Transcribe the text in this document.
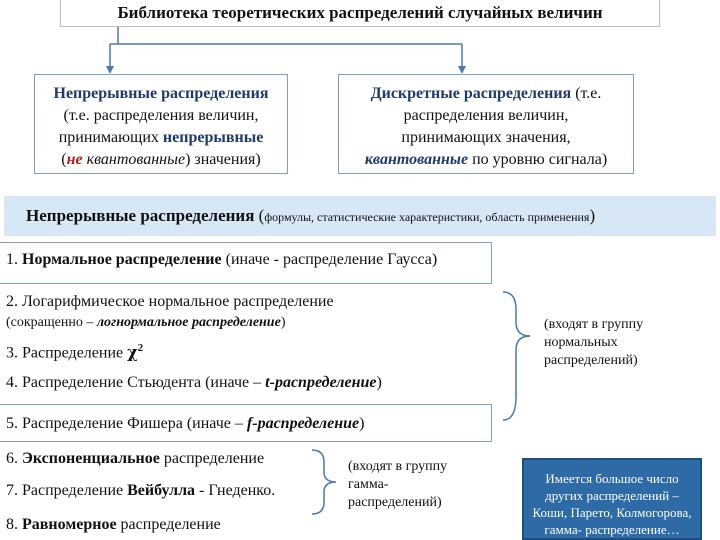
Библиотека теоретических распределений случайных величин
Непрерывные распределения
(т.е. распределения величин,
принимающих непрерывные
(не квантованные) значения)
Дискретные распределения (т.е.
распределения величин,
принимающих значения,
квантованные по уровню сигнала)
Непрерывные распределения (формулы, статистические характеристики, область применения)
1. Нормальное распределение (иначе - распределение Гаусса)
2. Логарифмическое нормальное распределение
(сокращенно – логнормальное распределение)
3. Распределение $\chi^2$
4. Распределение Стьюдента (иначе – t-распределение)
5. Распределение Фишера (иначе – f-распределение)
(входят в группу
нормальных
распределений)
6. Экспоненциальное распределение
7. Распределение Вейбулла - Гнеденко.
8. Равномерное распределение
(входят в группу
гамма-
распределений)
Имеется большое число
других распределений –
Коши, Парето, Колмогорова,
гамма- распределение…
